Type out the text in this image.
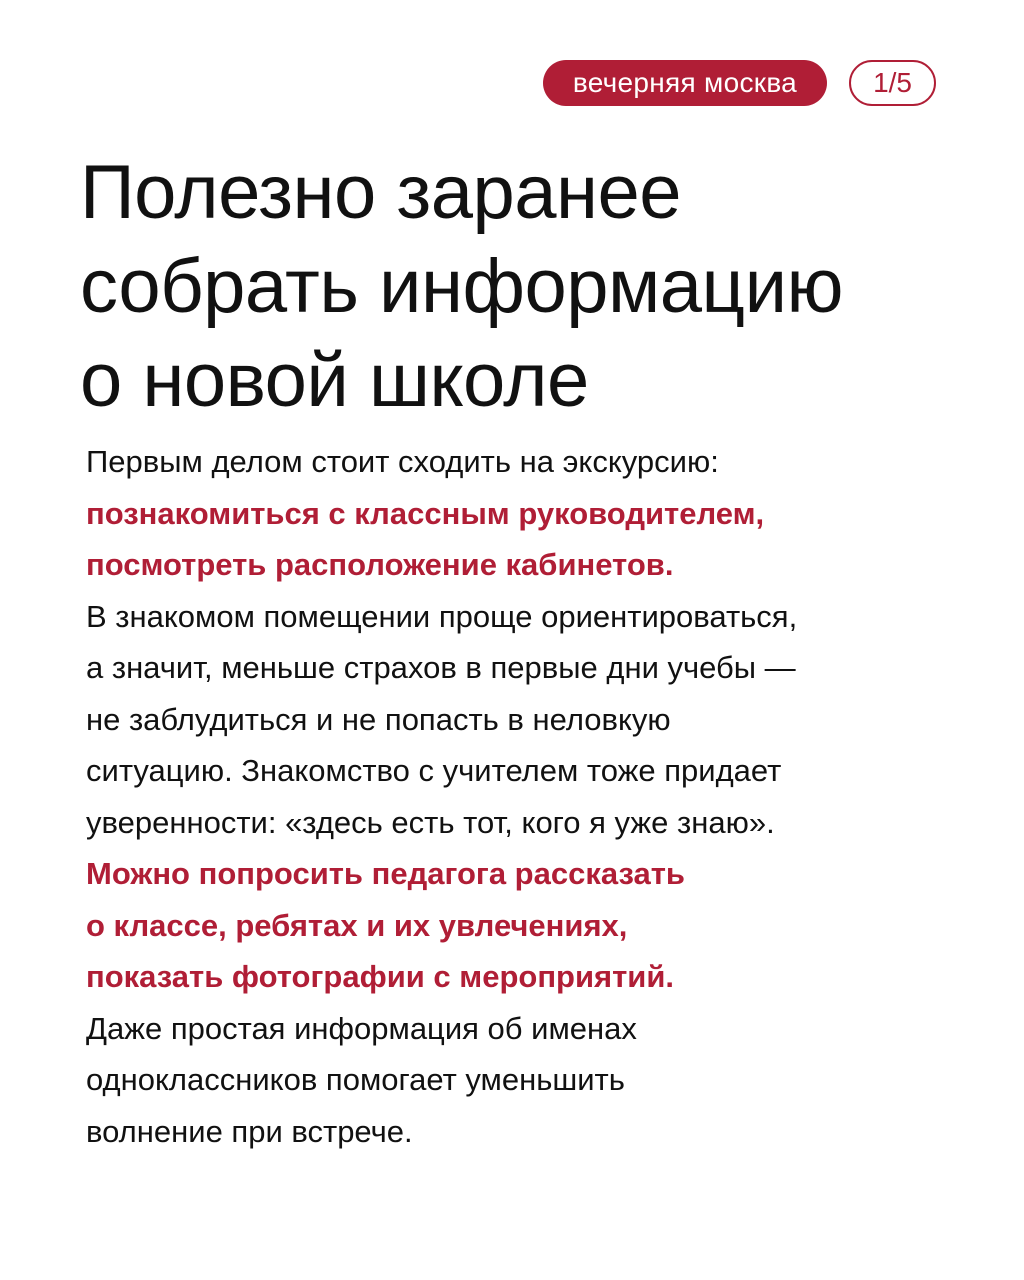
вечерняя москва	1/5
Полезно заранее
собрать информацию
о новой школе
Первым делом стоит сходить на экскурсию:
познакомиться с классным руководителем,
посмотреть расположение кабинетов.
В знакомом помещении проще ориентироваться,
а значит, меньше страхов в первые дни учебы —
не заблудиться и не попасть в неловкую
ситуацию. Знакомство с учителем тоже придает
уверенности: «здесь есть тот, кого я уже знаю».
Можно попросить педагога рассказать
о классе, ребятах и их увлечениях,
показать фотографии с мероприятий.
Даже простая информация об именах
одноклассников помогает уменьшить
волнение при встрече.
